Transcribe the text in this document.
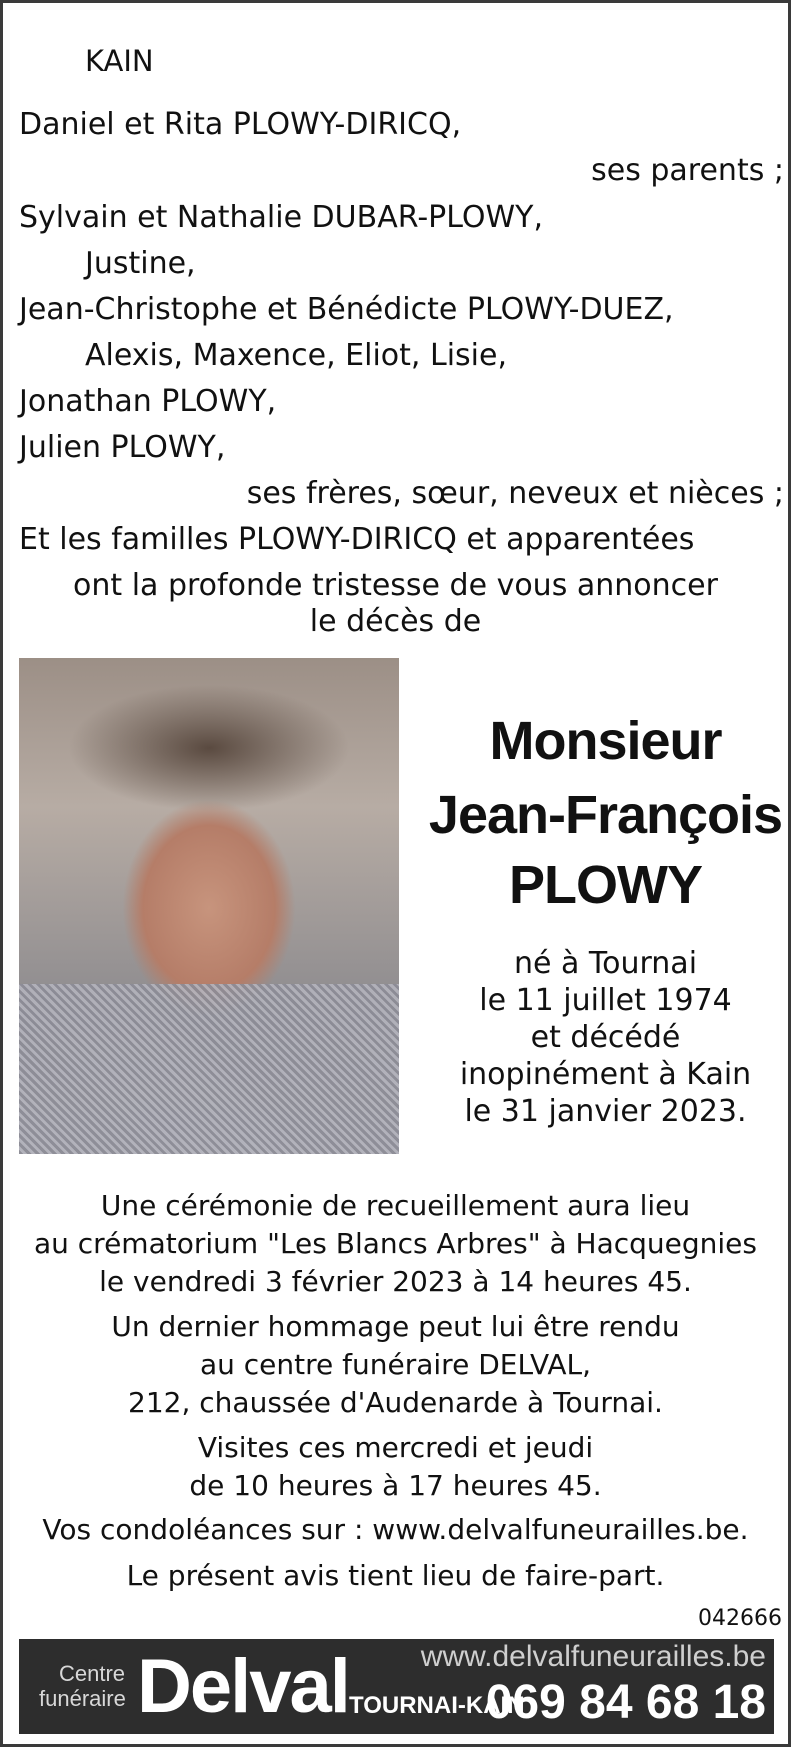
KAIN
Daniel et Rita PLOWY-DIRICQ,
ses parents ;
Sylvain et Nathalie DUBAR-PLOWY,
Justine,
Jean-Christophe et Bénédicte PLOWY-DUEZ,
Alexis, Maxence, Eliot, Lisie,
Jonathan PLOWY,
Julien PLOWY,
ses frères, sœur, neveux et nièces ;
Et les familles PLOWY-DIRICQ et apparentées
ont la profonde tristesse de vous annoncer
le décès de
Monsieur
Jean-François
PLOWY
né à Tournai
le 11 juillet 1974
et décédé
inopinément à Kain
le 31 janvier 2023.
Une cérémonie de recueillement aura lieu
au crématorium "Les Blancs Arbres" à Hacquegnies
le vendredi 3 février 2023 à 14 heures 45.
Un dernier hommage peut lui être rendu
au centre funéraire DELVAL,
212, chaussée d'Audenarde à Tournai.
Visites ces mercredi et jeudi
de 10 heures à 17 heures 45.
Vos condoléances sur : www.delvalfuneurailles.be.
Le présent avis tient lieu de faire-part.
042666
Centre
funéraire Delval TOURNAI-KAIN
www.delvalfuneurailles.be
069 84 68 18
